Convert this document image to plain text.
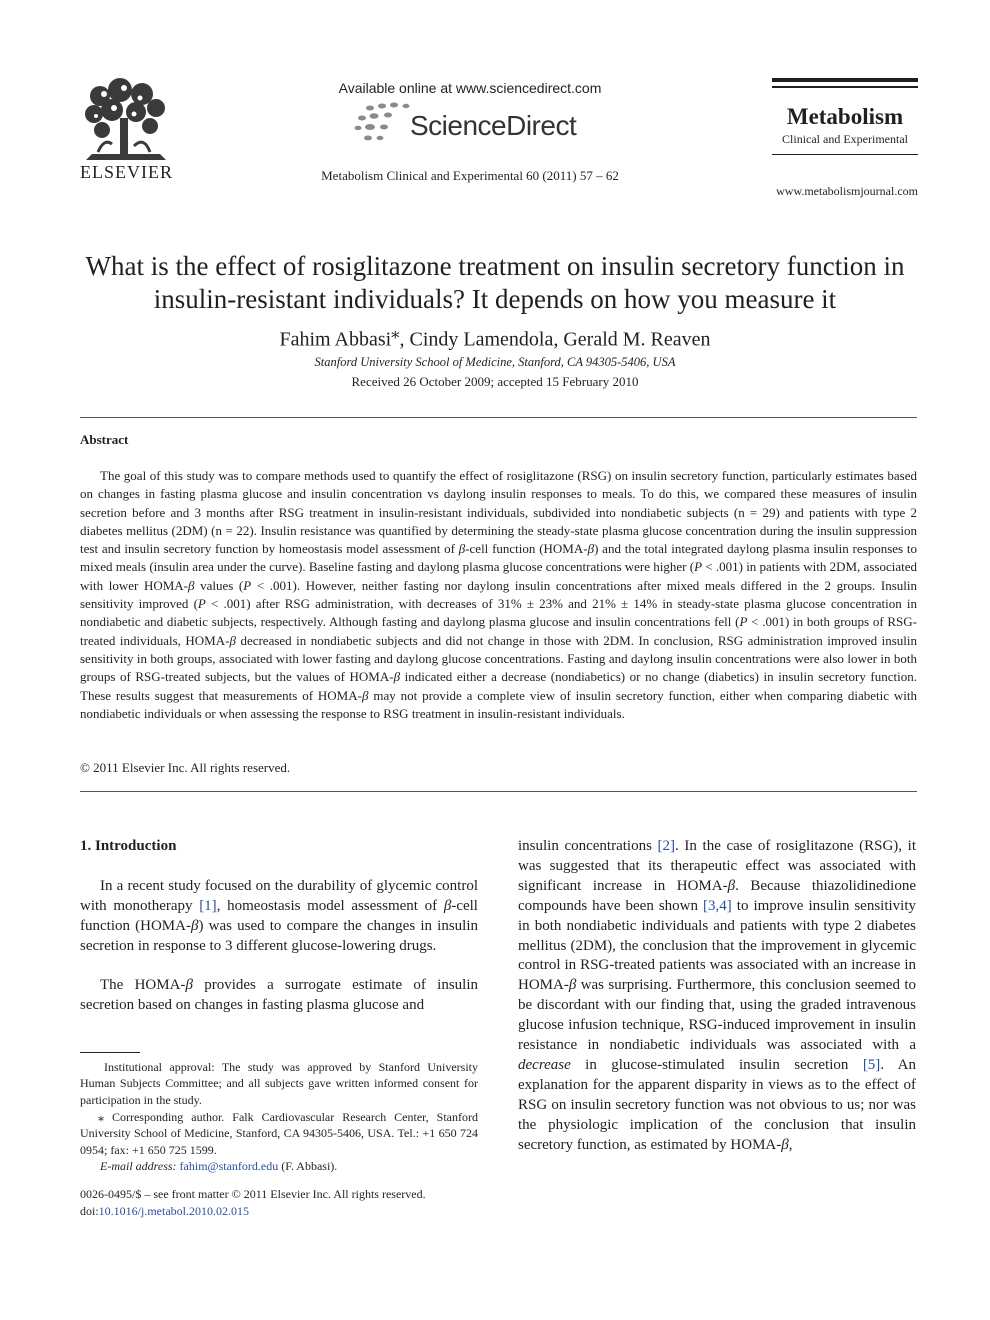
ELSEVIER
Available online at www.sciencedirect.com
ScienceDirect
Metabolism Clinical and Experimental 60 (2011) 57 – 62
Metabolism
Clinical and Experimental
www.metabolismjournal.com
What is the effect of rosiglitazone treatment on insulin secretory function in insulin-resistant individuals? It depends on how you measure it
Fahim Abbasi⁎, Cindy Lamendola, Gerald M. Reaven
Stanford University School of Medicine, Stanford, CA 94305-5406, USA
Received 26 October 2009; accepted 15 February 2010
Abstract

The goal of this study was to compare methods used to quantify the effect of rosiglitazone (RSG) on insulin secretory function, particularly estimates based on changes in fasting plasma glucose and insulin concentration vs daylong insulin responses to meals. To do this, we compared these measures of insulin secretion before and 3 months after RSG treatment in insulin-resistant individuals, subdivided into nondiabetic subjects (n = 29) and patients with type 2 diabetes mellitus (2DM) (n = 22). Insulin resistance was quantified by determining the steady-state plasma glucose concentration during the insulin suppression test and insulin secretory function by homeostasis model assessment of β-cell function (HOMA-β) and the total integrated daylong plasma insulin responses to mixed meals (insulin area under the curve). Baseline fasting and daylong plasma glucose concentrations were higher (P < .001) in patients with 2DM, associated with lower HOMA-β values (P < .001). However, neither fasting nor daylong insulin concentrations after mixed meals differed in the 2 groups. Insulin sensitivity improved (P < .001) after RSG administration, with decreases of 31% ± 23% and 21% ± 14% in steady-state plasma glucose concentration in nondiabetic and diabetic subjects, respectively. Although fasting and daylong plasma glucose and insulin concentrations fell (P < .001) in both groups of RSG-treated individuals, HOMA-β decreased in nondiabetic subjects and did not change in those with 2DM. In conclusion, RSG administration improved insulin sensitivity in both groups, associated with lower fasting and daylong glucose concentrations. Fasting and daylong insulin concentrations were also lower in both groups of RSG-treated subjects, but the values of HOMA-β indicated either a decrease (nondiabetics) or no change (diabetics) in insulin secretory function. These results suggest that measurements of HOMA-β may not provide a complete view of insulin secretory function, either when comparing diabetic with nondiabetic individuals or when assessing the response to RSG treatment in insulin-resistant individuals.

© 2011 Elsevier Inc. All rights reserved.
1. Introduction

In a recent study focused on the durability of glycemic control with monotherapy [1], homeostasis model assessment of β-cell function (HOMA-β) was used to compare the changes in insulin secretion in response to 3 different glucose-lowering drugs.

The HOMA-β provides a surrogate estimate of insulin secretion based on changes in fasting plasma glucose and

Institutional approval: The study was approved by Stanford University Human Subjects Committee; and all subjects gave written informed consent for participation in the study.

⁎ Corresponding author. Falk Cardiovascular Research Center, Stanford University School of Medicine, Stanford, CA 94305-5406, USA. Tel.: +1 650 724 0954; fax: +1 650 725 1599.

E-mail address: fahim@stanford.edu (F. Abbasi).

0026-0495/$ – see front matter © 2011 Elsevier Inc. All rights reserved.
doi:10.1016/j.metabol.2010.02.015

insulin concentrations [2]. In the case of rosiglitazone (RSG), it was suggested that its therapeutic effect was associated with significant increase in HOMA-β. Because thiazolidinedione compounds have been shown [3,4] to improve insulin sensitivity in both nondiabetic individuals and patients with type 2 diabetes mellitus (2DM), the conclusion that the improvement in glycemic control in RSG-treated patients was associated with an increase in HOMA-β was surprising. Furthermore, this conclusion seemed to be discordant with our finding that, using the graded intravenous glucose infusion technique, RSG-induced improvement in insulin resistance in nondiabetic individuals was associated with a decrease in glucose-stimulated insulin secretion [5]. An explanation for the apparent disparity in views as to the effect of RSG on insulin secretory function was not obvious to us; nor was the physiologic implication of the conclusion that insulin secretory function, as estimated by HOMA-β,
